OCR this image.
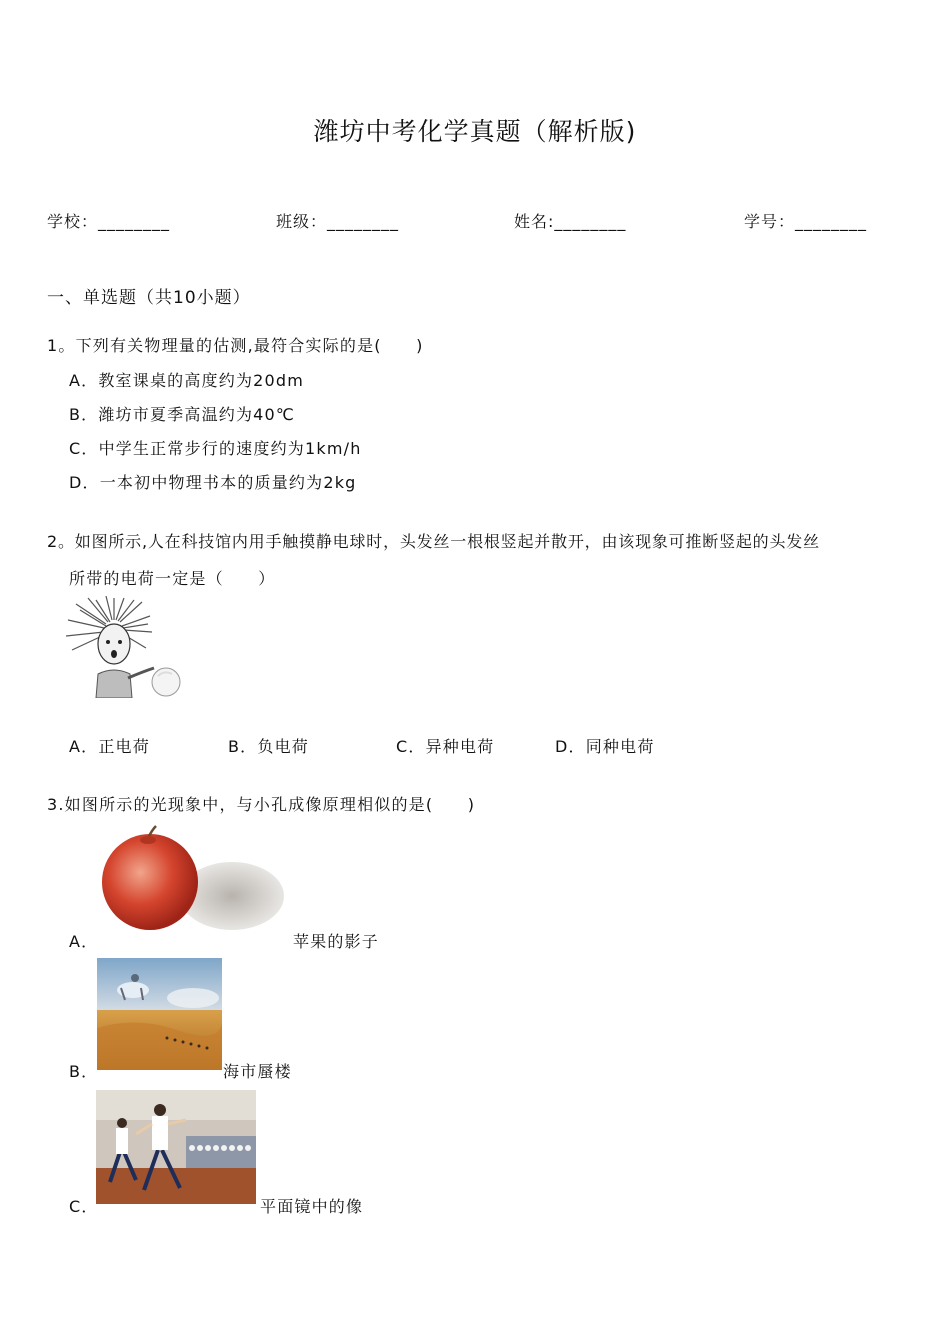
潍坊中考化学真题（解析版)
学校：________	班级：________	姓名:________	学号：________
一、单选题（共10小题）
1。下列有关物理量的估测,最符合实际的是(　　)
A．教室课桌的高度约为20dm
B．潍坊市夏季高温约为40℃
C．中学生正常步行的速度约为1km/h
D．一本初中物理书本的质量约为2kg
2。如图所示,人在科技馆内用手触摸静电球时，头发丝一根根竖起并散开，由该现象可推断竖起的头发丝
所带的电荷一定是（　　）
A．正电荷	B．负电荷	C．异种电荷	D．同种电荷
3.如图所示的光现象中，与小孔成像原理相似的是(　　)
A．	苹果的影子
B．	海市蜃楼
C．	平面镜中的像
